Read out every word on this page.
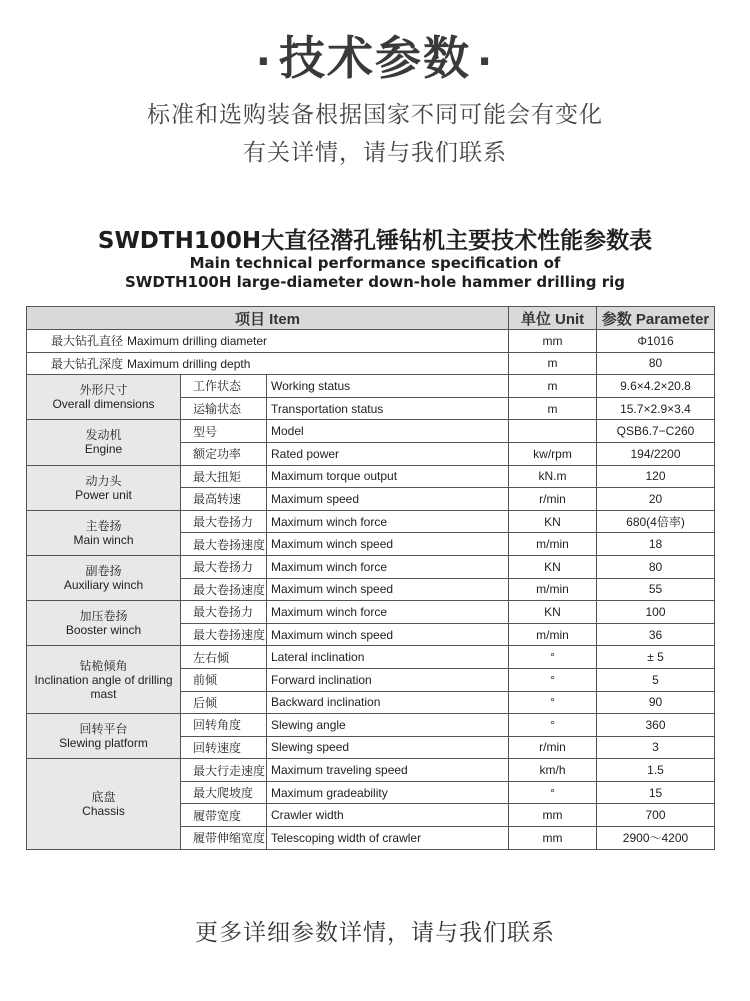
· 技术参数 ·
标准和选购装备根据国家不同可能会有变化
有关详情，请与我们联系
SWDTH100H大直径潜孔锤钻机主要技术性能参数表
Main technical performance specification of
SWDTH100H large-diameter down-hole hammer drilling rig
项目 Item			单位 Unit	参数 Parameter
最大钻孔直径 Maximum drilling diameter			mm	Φ1016
最大钻孔深度 Maximum drilling depth			m	80

外形尺寸
Overall dimensions	工作状态	Working status	m	9.6×4.2×20.8
	运输状态	Transportation status	m	15.7×2.9×3.4

发动机
Engine	型号	Model		QSB6.7−C260
	额定功率	Rated power	kw/rpm	194/2200

动力头
Power unit	最大扭矩	Maximum torque output	kN.m	120
	最高转速	Maximum speed	r/min	20

主卷扬
Main winch	最大卷扬力	Maximum winch force	KN	680(4倍率)
	最大卷扬速度	Maximum winch speed	m/min	18

副卷扬
Auxiliary winch	最大卷扬力	Maximum winch force	KN	80
	最大卷扬速度	Maximum winch speed	m/min	55

加压卷扬
Booster winch	最大卷扬力	Maximum winch force	KN	100
	最大卷扬速度	Maximum winch speed	m/min	36

钻桅倾角
Inclination angle of drilling mast	左右倾	Lateral inclination	°	± 5
	前倾	Forward inclination	°	5
	后倾	Backward inclination	°	90

回转平台
Slewing platform	回转角度	Slewing angle	°	360
	回转速度	Slewing speed	r/min	3

底盘
Chassis	最大行走速度	Maximum traveling speed	km/h	1.5
	最大爬坡度	Maximum gradeability	°	15
	履带宽度	Crawler width	mm	700
	履带伸缩宽度	Telescoping width of crawler	mm	2900～4200
更多详细参数详情，请与我们联系
